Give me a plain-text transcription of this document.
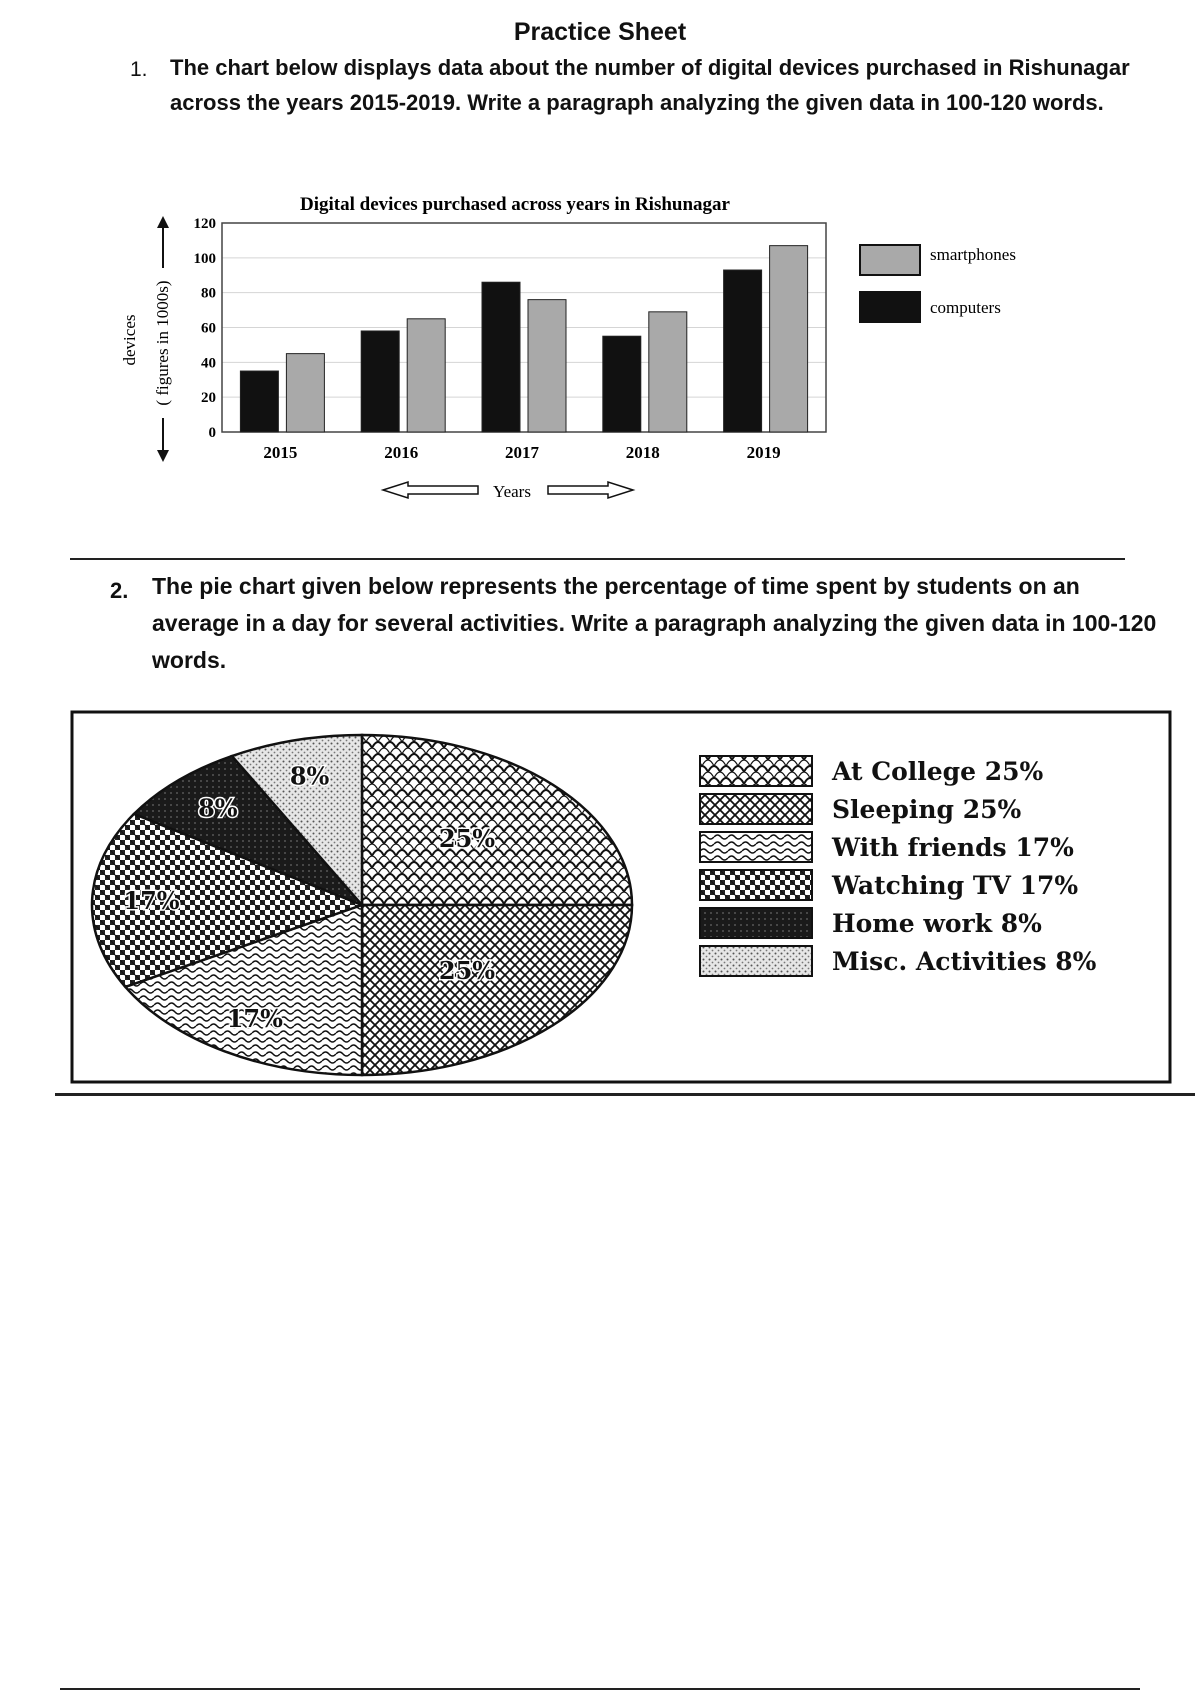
Practice Sheet
1. The chart below displays data about the number of digital devices purchased in Rishunagar across the years 2015-2019. Write a paragraph analyzing the given data in 100-120 words.
Digital devices purchased across years in Rishunagar
0
20
40
60
80
100
120
2015	2016	2017	2018	2019
( figures in 1000s)
devices
Years
smartphones
computers
2. The pie chart given below represents the percentage of time spent by students on an average in a day for several activities. Write a paragraph analyzing the given data in 100-120 words.
25%
25%
17%
17%
8%
8%	At College 25%
Sleeping 25%
With friends 17%
Watching TV 17%
Home work 8%
Misc. Activities 8%
